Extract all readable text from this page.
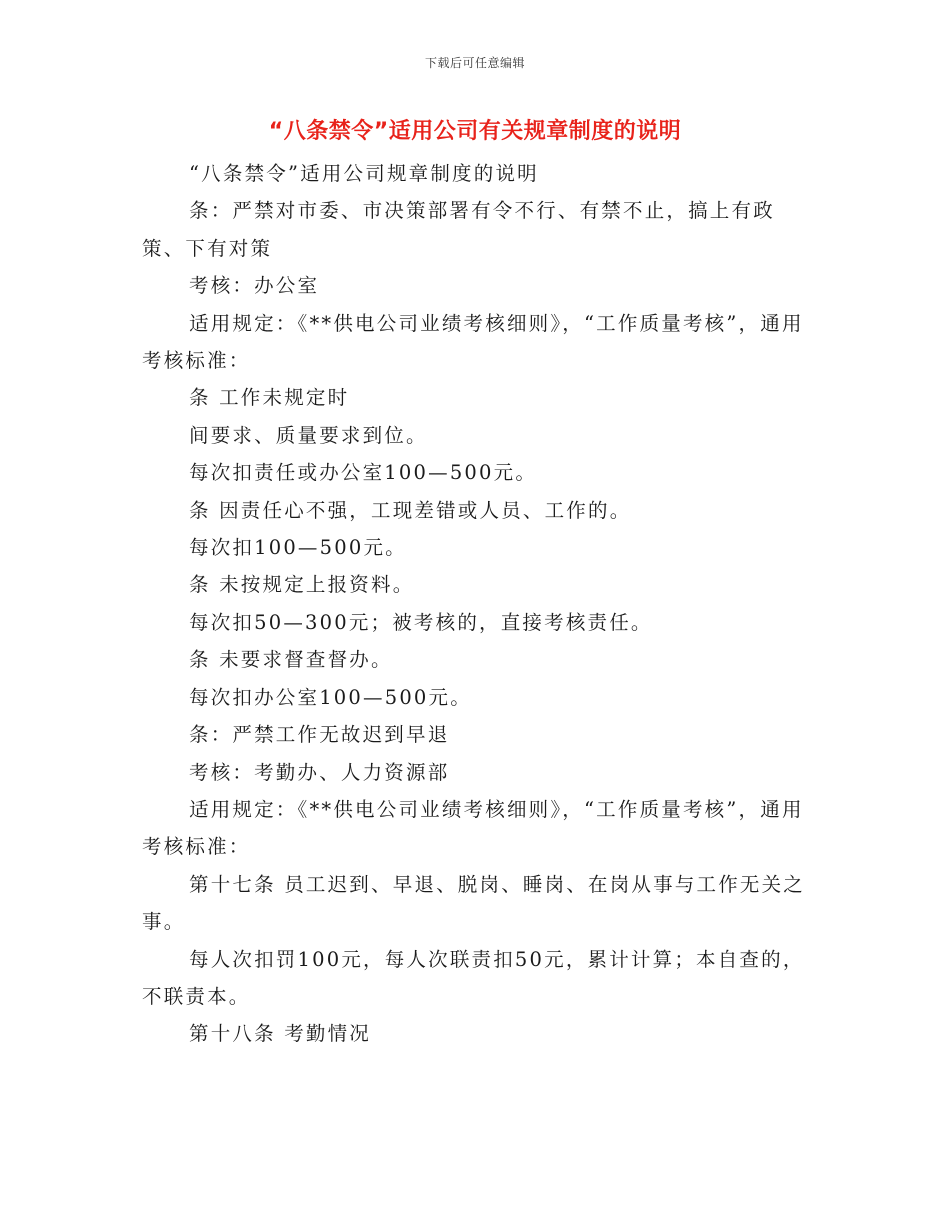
下载后可任意编辑
“八条禁令”适用公司有关规章制度的说明

“八条禁令”适用公司规章制度的说明

条：严禁对市委、市决策部署有令不行、有禁不止，搞上有政策、下有对策

考核：办公室

适用规定：《**供电公司业绩考核细则》，“工作质量考核”，通用考核标准：

条 工作未规定时

间要求、质量要求到位。

每次扣责任或办公室100—500元。

条 因责任心不强，工现差错或人员、工作的。

每次扣100—500元。

条 未按规定上报资料。

每次扣50—300元；被考核的，直接考核责任。

条 未要求督查督办。

每次扣办公室100—500元。

条：严禁工作无故迟到早退

考核：考勤办、人力资源部

适用规定：《**供电公司业绩考核细则》，“工作质量考核”，通用考核标准：

第十七条 员工迟到、早退、脱岗、睡岗、在岗从事与工作无关之事。

每人次扣罚100元，每人次联责扣50元，累计计算；本自查的，不联责本。

第十八条 考勤情况
